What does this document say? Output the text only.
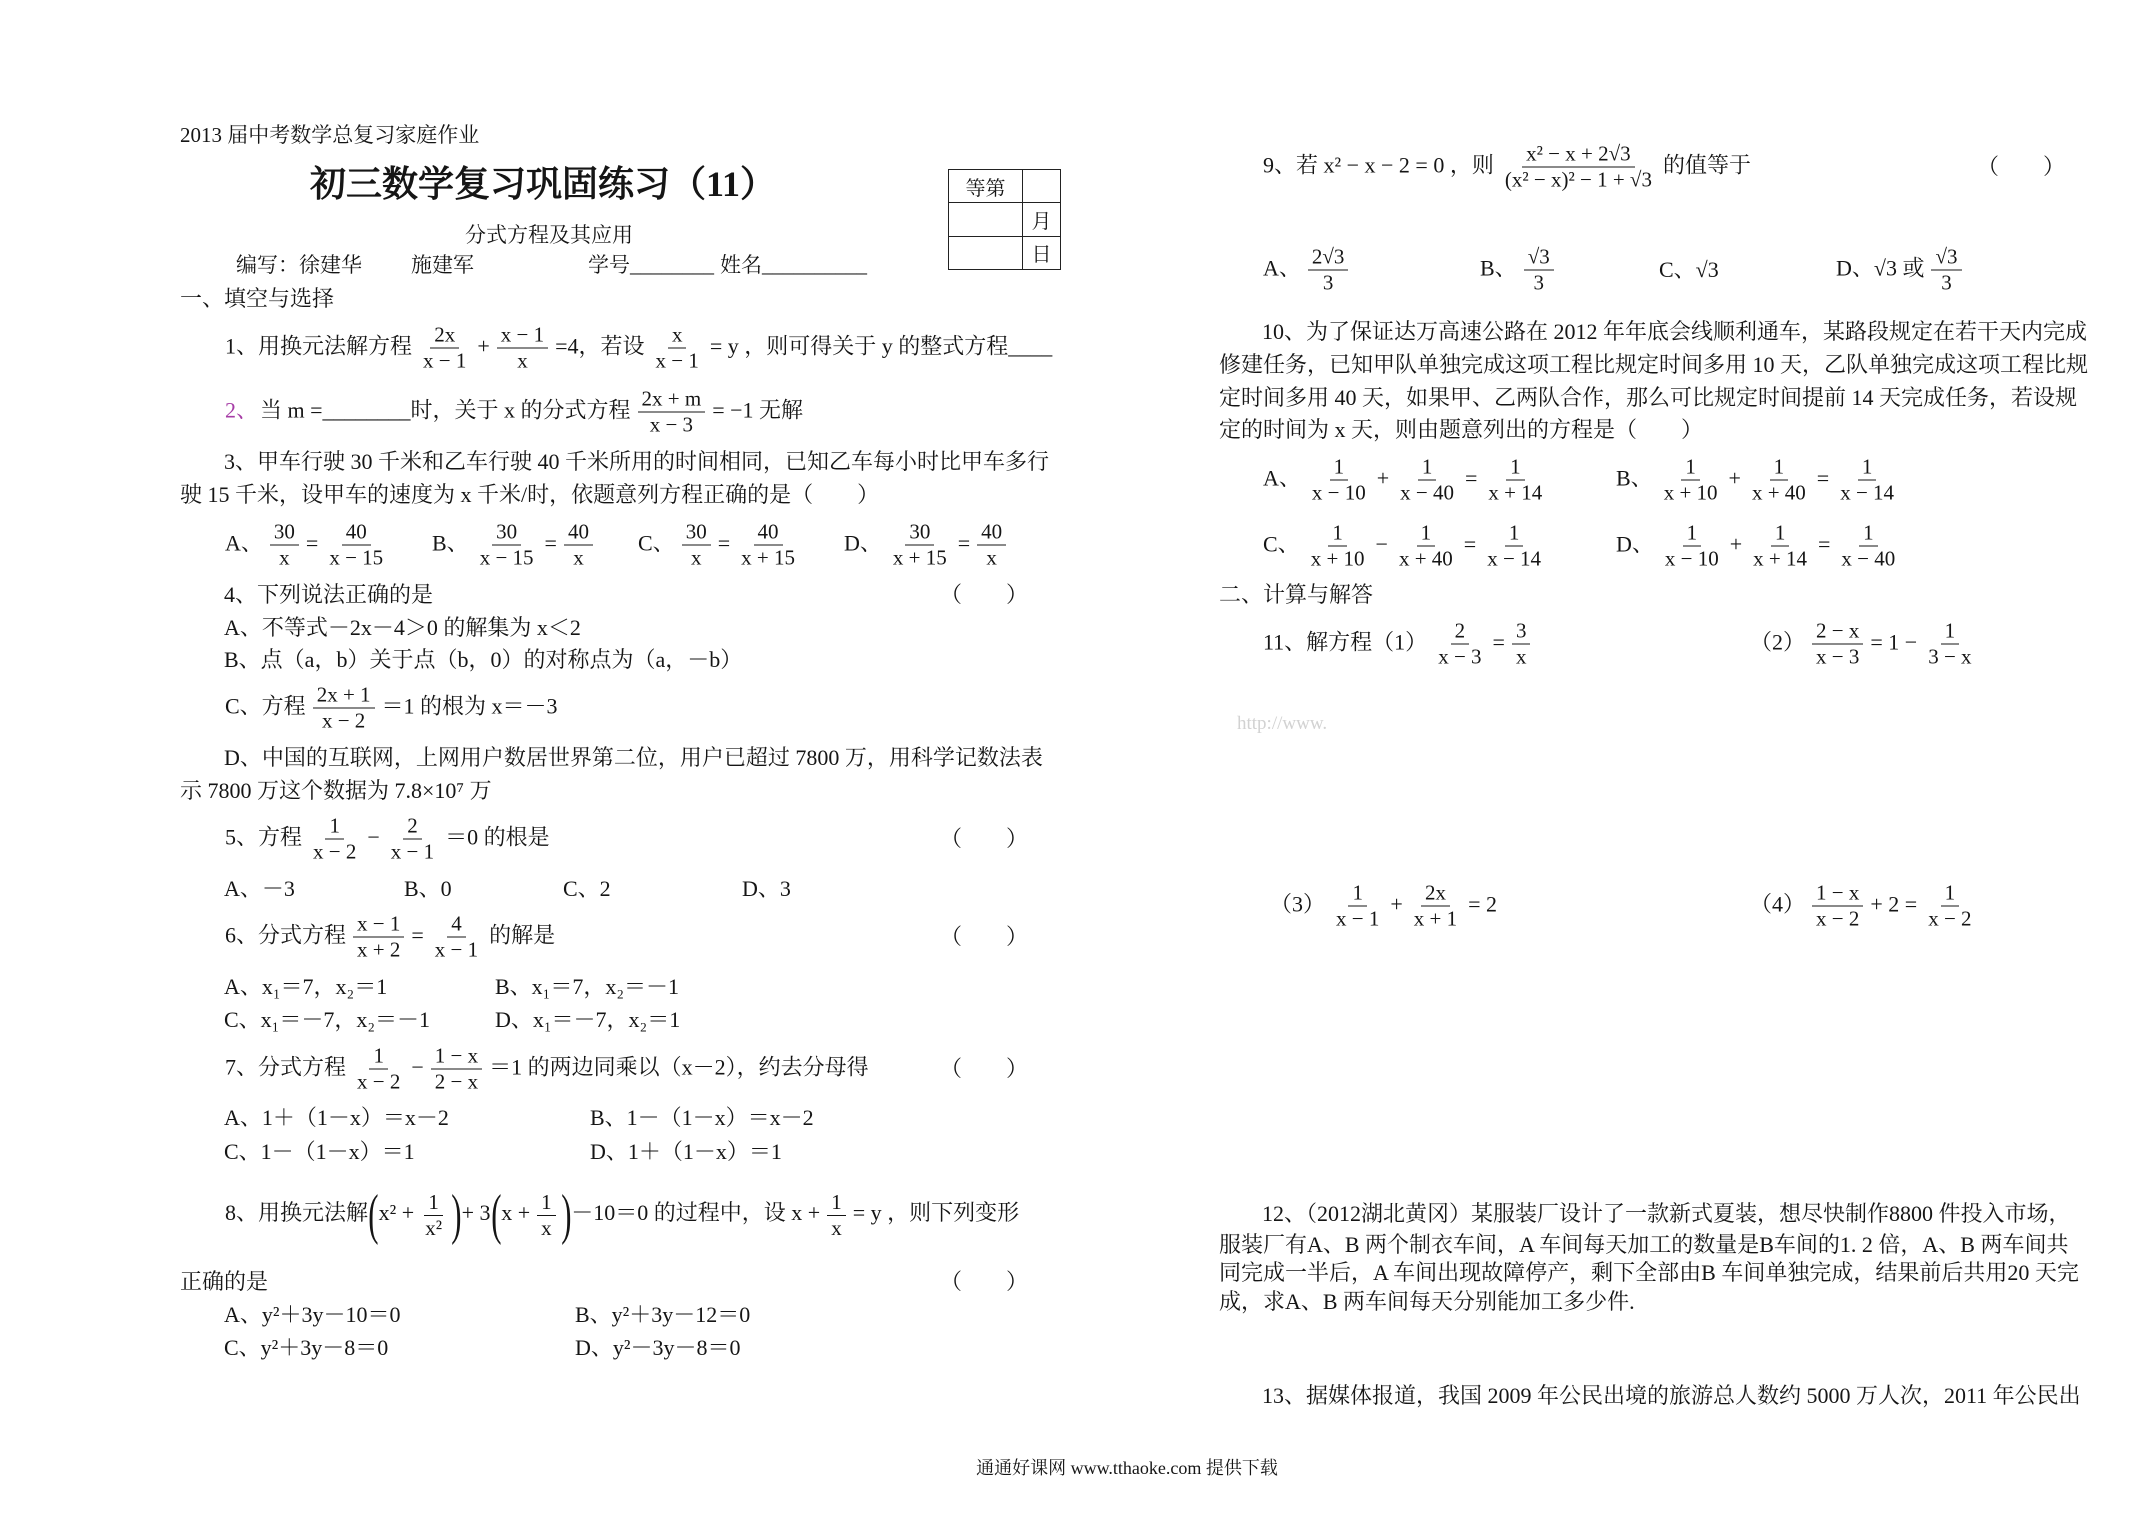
2013 届中考数学总复习家庭作业
初三数学复习巩固练习（11）
分式方程及其应用
编写：徐建华 施建军	学号________ 姓名__________
等第	
	月
	日
一、填空与选择
1、用换元法解方程 $\frac{2x}{x - 1} + \frac{x - 1}{x} =4$，若设 $\frac{x}{x - 1} = y$ ，则可得关于 y 的整式方程____
2、当 m =________时，关于 x 的分式方程 $\frac{2x + m}{x - 3} = -1$ 无解
3、甲车行驶 30 千米和乙车行驶 40 千米所用的时间相同，已知乙车每小时比甲车多行
驶 15 千米，设甲车的速度为 x 千米/时，依题意列方程正确的是（　　）
A、 $\frac{30}{x} = \frac{40}{x - 15}$ B、 $\frac{30}{x - 15} = \frac{40}{x}$ C、 $\frac{30}{x} = \frac{40}{x + 15}$ D、 $\frac{30}{x + 15} = \frac{40}{x}$
4、下列说法正确的是	（　　）
A、不等式－2x－4＞0 的解集为 x＜2
B、点（a，b）关于点（b，0）的对称点为（a，－b）
C、方程 $\frac{2x + 1}{x - 2} =1$ 的根为 x＝－3
D、中国的互联网，上网用户数居世界第二位，用户已超过 7800 万，用科学记数法表
示 7800 万这个数据为 7.8×10⁷ 万
5、方程 $\frac{1}{x - 2} - \frac{2}{x - 1} =0$ 的根是	（　　）
A、－3	B、0	C、2	D、3
6、分式方程 $\frac{x - 1}{x + 2} = \frac{4}{x - 1}$ 的解是	（　　）
A、x₁＝7，x₂＝1	B、x₁＝7，x₂＝－1
C、x₁＝－7，x₂＝－1	D、x₁＝－7，x₂＝1
7、分式方程 $\frac{1}{x - 2} - \frac{1 - x}{2 - x} =1$ 的两边同乘以（x－2），约去分母得	（　　）
A、1＋（1－x）＝x－2	B、1－（1－x）＝x－2
C、1－（1－x）＝1	D、1＋（1－x）＝1
8、用换元法解($x^2 + \frac{1}{\text{x²}}$ )+ $3(x + \frac{1}{x} )-10=0$ 的过程中，设 $x + \frac{1}{x} = y$ ，则下列变形
正确的是	（　　）
A、y²＋3y－10＝0	B、y²＋3y－12＝0
C、y²＋3y－8＝0	D、y²－3y－8＝0
9、若 x² − x − 2 = 0 ，则 $\frac{\text{x² − x + 2√3}}{\text{(x² − x)² − 1 + √3}}$ 的值等于	（　　）
A、 $\frac{2√3}{3}$	B、 $\frac{√3}{3}$	C、√3	D、√3 或 $\frac{√3}{3}$
10、为了保证达万高速公路在 2012 年年底会线顺利通车，某路段规定在若干天内完成
修建任务，已知甲队单独完成这项工程比规定时间多用 10 天，乙队单独完成这项工程比规
定时间多用 40 天，如果甲、乙两队合作，那么可比规定时间提前 14 天完成任务，若设规
定的时间为 x 天，则由题意列出的方程是（　　）
A、 $\frac{1}{x - 10} + \frac{1}{x - 40} = \frac{1}{x + 14}$	B、 $\frac{1}{x + 10} + \frac{1}{x + 40} = \frac{1}{x - 14}$
C、 $\frac{1}{x + 10} - \frac{1}{x + 40} = \frac{1}{x - 14}$	D、 $\frac{1}{x - 10} + \frac{1}{x + 14} = \frac{1}{x - 40}$
二、计算与解答
11、解方程$(1) \frac{2}{x - 3} = \frac{3}{x}$	$(2) \frac{2 - x}{x - 3} = 1 - \frac{1}{3 - x}$
http://www.
$(3) \frac{1}{x - 1} + \frac{2x}{x + 1} = 2$	$(4) \frac{1 - x}{x - 2} + 2 = \frac{1}{x - 2}$
12、（2012湖北黄冈）某服装厂设计了一款新式夏装，想尽快制作8800 件投入市场，
服装厂有A、B 两个制衣车间，A 车间每天加工的数量是B车间的1. 2 倍，A、B 两车间共
同完成一半后，A 车间出现故障停产，剩下全部由B 车间单独完成，结果前后共用20 天完
成，求A、B 两车间每天分别能加工多少件.
13、据媒体报道，我国 2009 年公民出境的旅游总人数约 5000 万人次，2011 年公民出
通通好课网 www.tthaoke.com 提供下载
